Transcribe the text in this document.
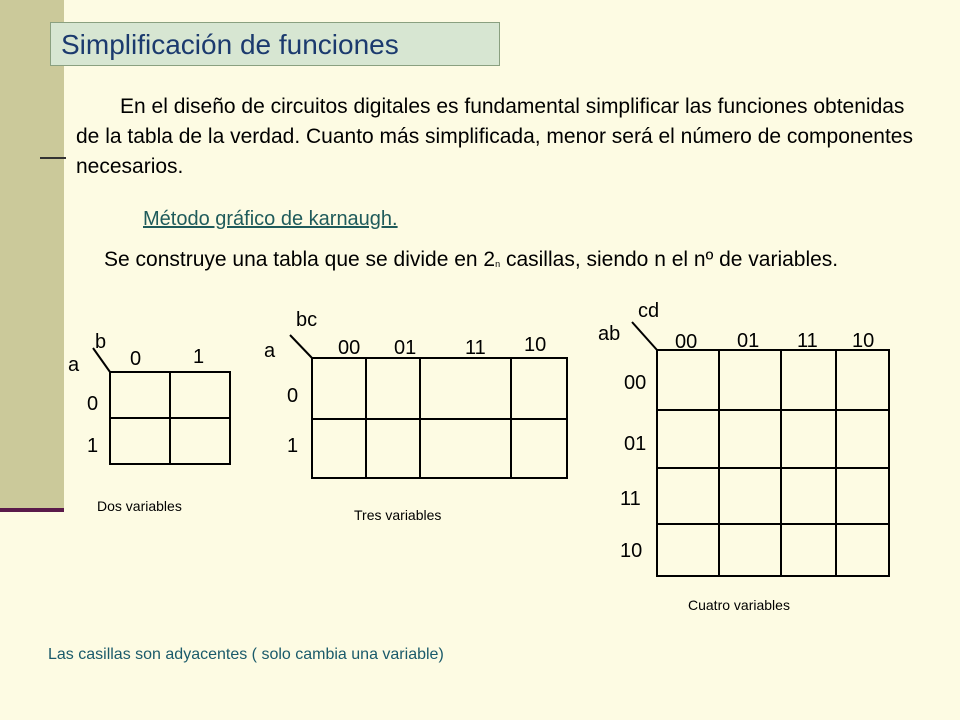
Simplificación de funciones

En el diseño de circuitos digitales es fundamental simplificar las funciones obtenidas de la tabla de la verdad. Cuanto más simplificada, menor será el número de componentes necesarios.

Método gráfico de karnaugh.

Se construye una tabla que se divide en 2$^n$ casillas, siendo n el nº de variables.

a
b
0	1
0
1
Dos variables
a
bc
00 01 11 10
0
1
Tres variables
ab
cd
00 01 11 10
00
01
11
10
Cuatro variables
Las casillas son adyacentes ( solo cambia una variable)
